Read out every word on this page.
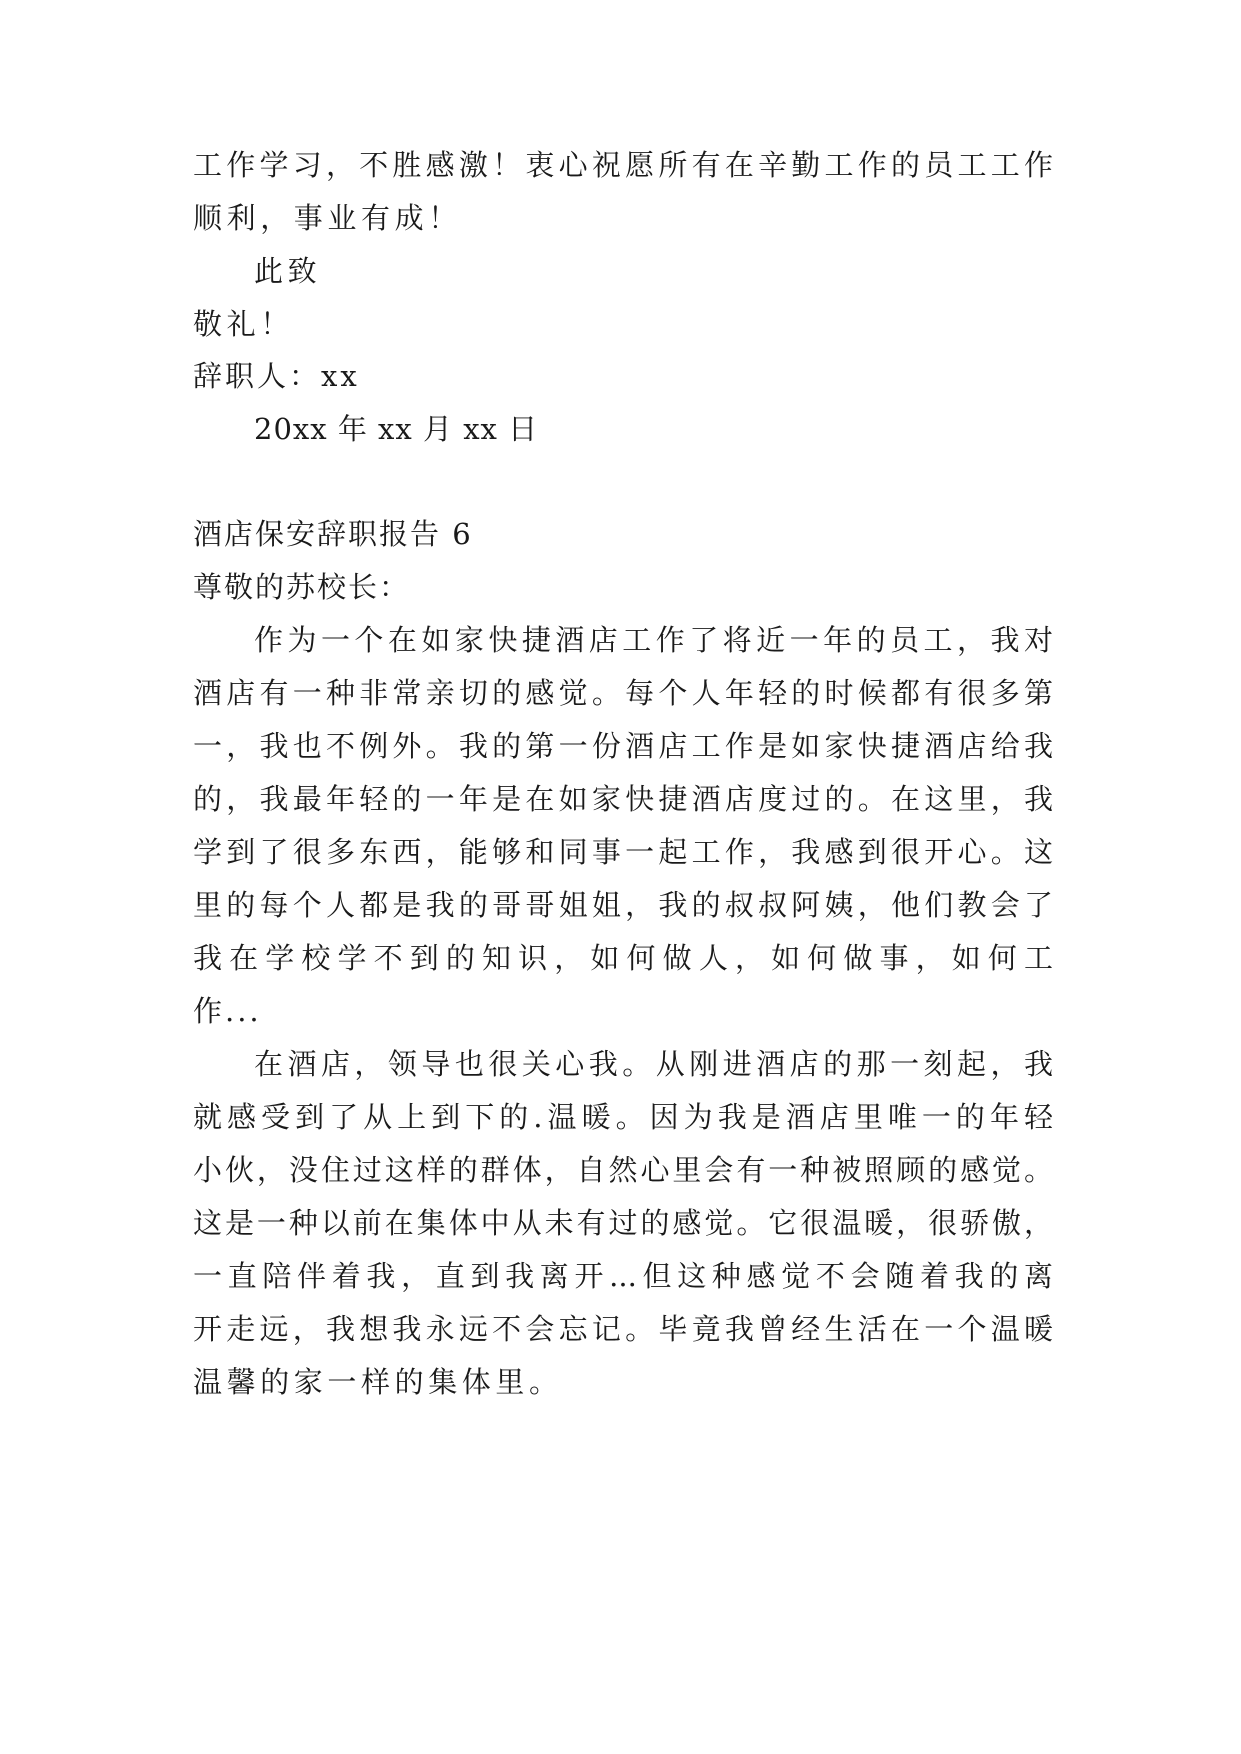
工作学习，不胜感激！衷心祝愿所有在辛勤工作的员工工作
顺利，事业有成！
此致
敬礼！
辞职人：xx
20xx 年 xx 月 xx 日
酒店保安辞职报告 6
尊敬的苏校长：
作为一个在如家快捷酒店工作了将近一年的员工，我对
酒店有一种非常亲切的感觉。每个人年轻的时候都有很多第
一，我也不例外。我的第一份酒店工作是如家快捷酒店给我
的，我最年轻的一年是在如家快捷酒店度过的。在这里，我
学到了很多东西，能够和同事一起工作，我感到很开心。这
里的每个人都是我的哥哥姐姐，我的叔叔阿姨，他们教会了
我在学校学不到的知识，如何做人，如何做事，如何工
作...
在酒店，领导也很关心我。从刚进酒店的那一刻起，我
就感受到了从上到下的.温暖。因为我是酒店里唯一的年轻
小伙，没住过这样的群体，自然心里会有一种被照顾的感觉。
这是一种以前在集体中从未有过的感觉。它很温暖，很骄傲，
一直陪伴着我，直到我离开...但这种感觉不会随着我的离
开走远，我想我永远不会忘记。毕竟我曾经生活在一个温暖
温馨的家一样的集体里。
